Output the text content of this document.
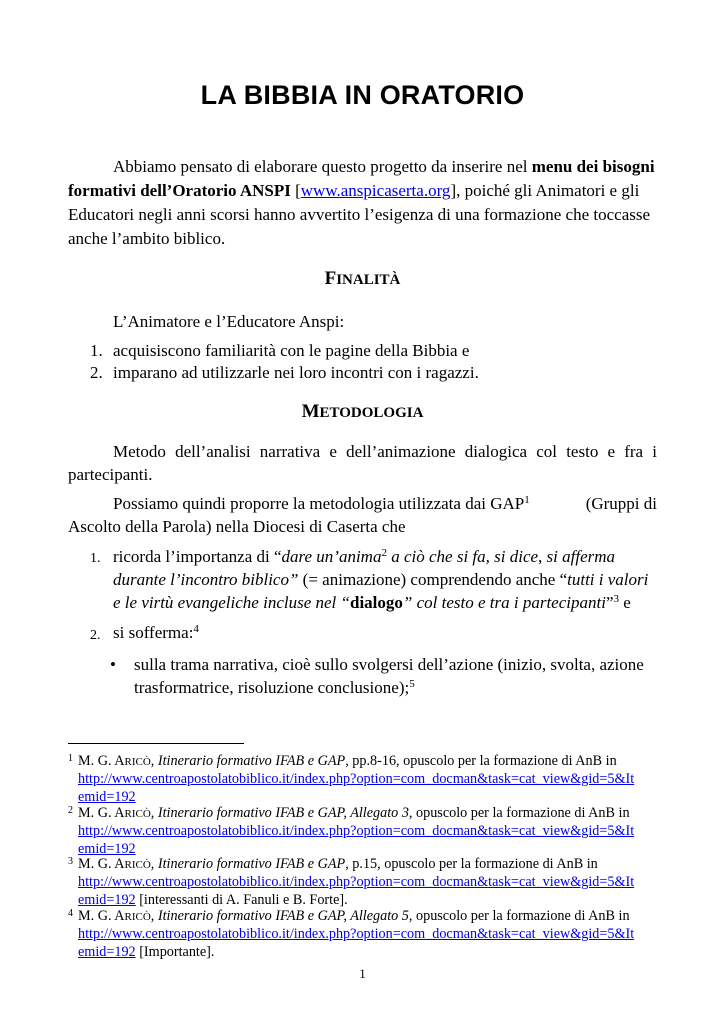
LA BIBBIA IN ORATORIO
Abbiamo pensato di elaborare questo progetto da inserire nel menu dei bisogni
formativi dell’Oratorio ANSPI [www.anspicaserta.org], poiché gli Animatori e gli
Educatori negli anni scorsi hanno avvertito l’esigenza di una formazione che toccasse
anche l’ambito biblico.
FINALITÀ
L’Animatore e l’Educatore Anspi:
1. acquisiscono familiarità con le pagine della Bibbia e
2. imparano ad utilizzarle nei loro incontri con i ragazzi.
METODOLOGIA
Metodo dell’analisi narrativa e dell’animazione dialogica col testo e fra i
partecipanti.
Possiamo quindi proporre la metodologia utilizzata dai GAP$^1$	(Gruppi di
Ascolto della Parola) nella Diocesi di Caserta che
1. ricorda l’importanza di “dare un’anima$^2$ a ciò che si fa, si dice, si afferma
durante l’incontro biblico” (= animazione) comprendendo anche “tutti i valori
e le virtù evangeliche incluse nel “dialogo” col testo e tra i partecipanti”$^3$ e
2. si sofferma:$^4$
• sulla trama narrativa, cioè sullo svolgersi dell’azione (inizio, svolta, azione
trasformatrice, risoluzione conclusione);$^5$
1 M. G. ARICÒ, Itinerario formativo IFAB e GAP, pp.8-16, opuscolo per la formazione di AnB in
http://www.centroapostolatobiblico.it/index.php?option=com_docman&task=cat_view&gid=5&It
emid=192
2 M. G. ARICÒ, Itinerario formativo IFAB e GAP, Allegato 3, opuscolo per la formazione di AnB in
http://www.centroapostolatobiblico.it/index.php?option=com_docman&task=cat_view&gid=5&It
emid=192
3 M. G. ARICÒ, Itinerario formativo IFAB e GAP, p.15, opuscolo per la formazione di AnB in
http://www.centroapostolatobiblico.it/index.php?option=com_docman&task=cat_view&gid=5&It
emid=192 [interessanti di A. Fanuli e B. Forte].
4 M. G. ARICÒ, Itinerario formativo IFAB e GAP, Allegato 5, opuscolo per la formazione di AnB in
http://www.centroapostolatobiblico.it/index.php?option=com_docman&task=cat_view&gid=5&It
emid=192 [Importante].
1
